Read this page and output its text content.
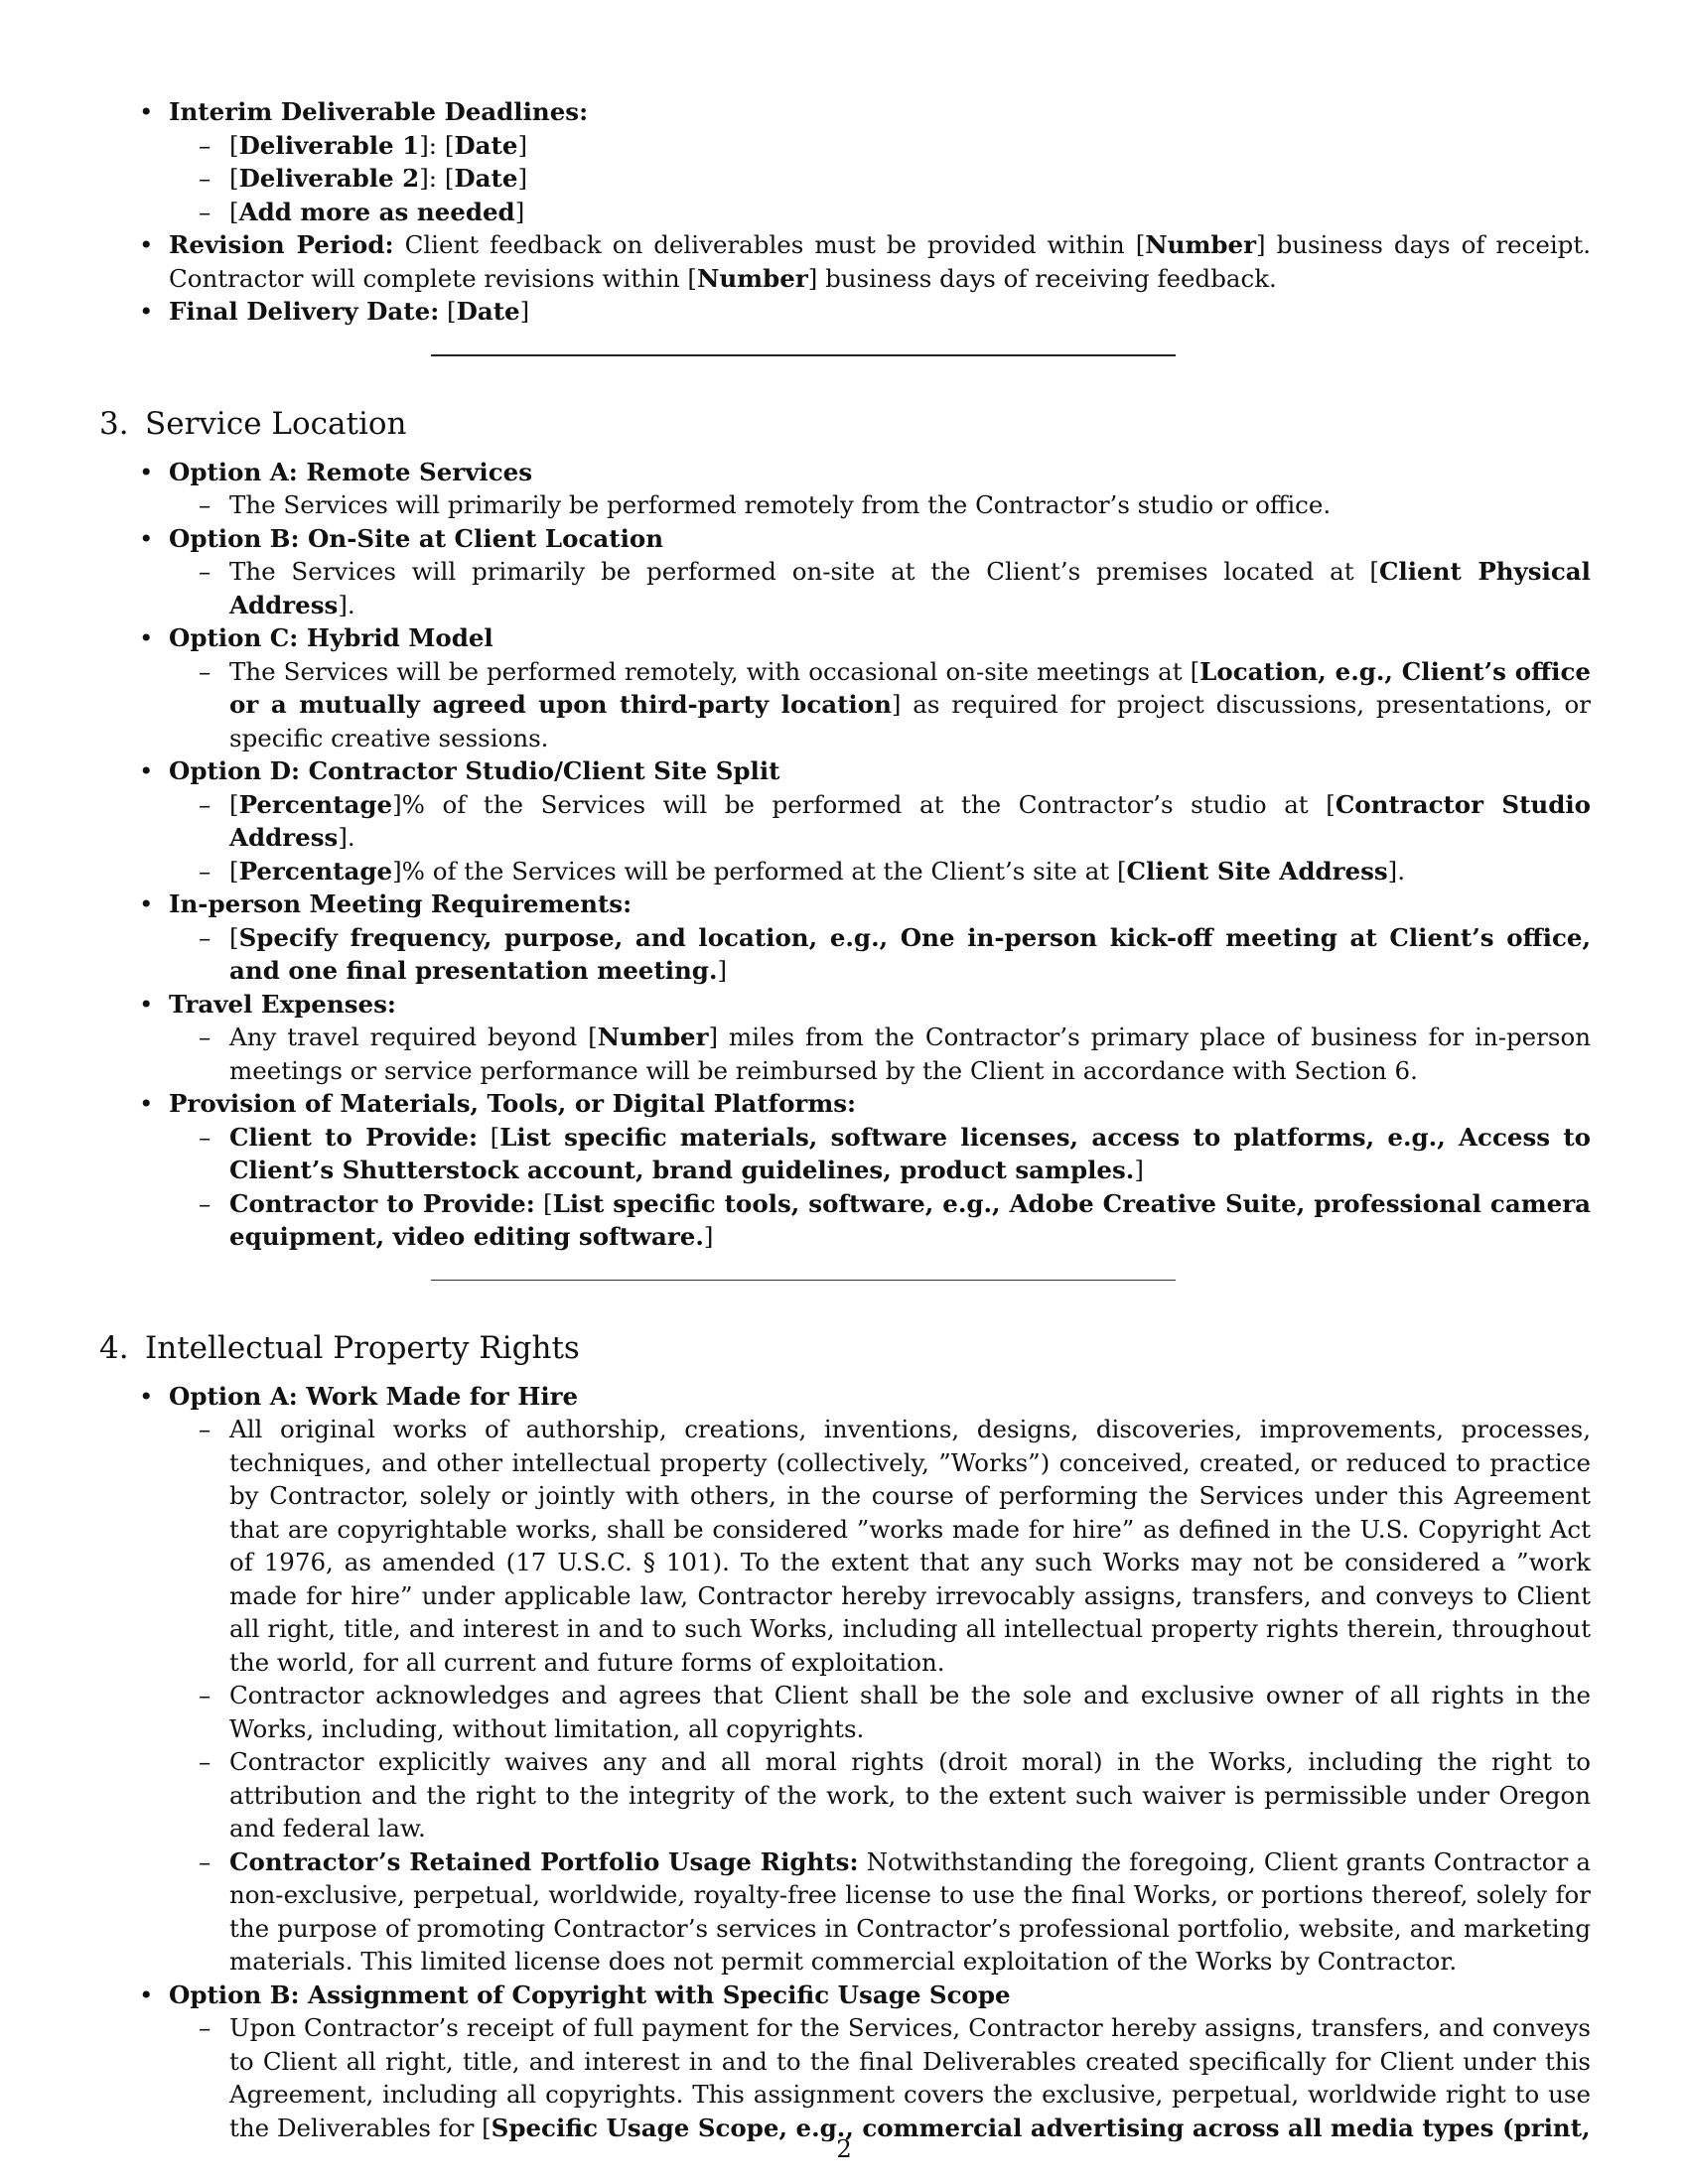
• Interim Deliverable Deadlines:
– [Deliverable 1]: [Date]
– [Deliverable 2]: [Date]
– [Add more as needed]
• Revision Period: Client feedback on deliverables must be provided within [Number] business days of receipt. Contractor will complete revisions within [Number] business days of receiving feedback.
• Final Delivery Date: [Date]
3. Service Location
• Option A: Remote Services
– The Services will primarily be performed remotely from the Contractor’s studio or office.
• Option B: On-Site at Client Location
– The Services will primarily be performed on-site at the Client’s premises located at [Client Physical Address].
• Option C: Hybrid Model
– The Services will be performed remotely, with occasional on-site meetings at [Location, e.g., Client’s office or a mutually agreed upon third-party location] as required for project discussions, presentations, or specific creative sessions.
• Option D: Contractor Studio/Client Site Split
– [Percentage]% of the Services will be performed at the Contractor’s studio at [Contractor Studio Address].
– [Percentage]% of the Services will be performed at the Client’s site at [Client Site Address].
• In-person Meeting Requirements:
– [Specify frequency, purpose, and location, e.g., One in-person kick-off meeting at Client’s office, and one final presentation meeting.]
• Travel Expenses:
– Any travel required beyond [Number] miles from the Contractor’s primary place of business for in-person meetings or service performance will be reimbursed by the Client in accordance with Section 6.
• Provision of Materials, Tools, or Digital Platforms:
– Client to Provide: [List specific materials, software licenses, access to platforms, e.g., Access to Client’s Shutterstock account, brand guidelines, product samples.]
– Contractor to Provide: [List specific tools, software, e.g., Adobe Creative Suite, professional camera equipment, video editing software.]
4. Intellectual Property Rights
• Option A: Work Made for Hire
– All original works of authorship, creations, inventions, designs, discoveries, improvements, processes, techniques, and other intellectual property (collectively, ”Works”) conceived, created, or reduced to practice by Contractor, solely or jointly with others, in the course of performing the Services under this Agreement that are copyrightable works, shall be considered ”works made for hire” as defined in the U.S. Copyright Act of 1976, as amended (17 U.S.C. § 101). To the extent that any such Works may not be considered a ”work made for hire” under applicable law, Contractor hereby irrevocably assigns, transfers, and conveys to Client all right, title, and interest in and to such Works, including all intellectual property rights therein, throughout the world, for all current and future forms of exploitation.
– Contractor acknowledges and agrees that Client shall be the sole and exclusive owner of all rights in the Works, including, without limitation, all copyrights.
– Contractor explicitly waives any and all moral rights (droit moral) in the Works, including the right to attribution and the right to the integrity of the work, to the extent such waiver is permissible under Oregon and federal law.
– Contractor’s Retained Portfolio Usage Rights: Notwithstanding the foregoing, Client grants Contractor a non-exclusive, perpetual, worldwide, royalty-free license to use the final Works, or portions thereof, solely for the purpose of promoting Contractor’s services in Contractor’s professional portfolio, website, and marketing materials. This limited license does not permit commercial exploitation of the Works by Contractor.
• Option B: Assignment of Copyright with Specific Usage Scope
– Upon Contractor’s receipt of full payment for the Services, Contractor hereby assigns, transfers, and conveys to Client all right, title, and interest in and to the final Deliverables created specifically for Client under this Agreement, including all copyrights. This assignment covers the exclusive, perpetual, worldwide right to use the Deliverables for [Specific Usage Scope, e.g., commercial advertising across all media types (print,
2
